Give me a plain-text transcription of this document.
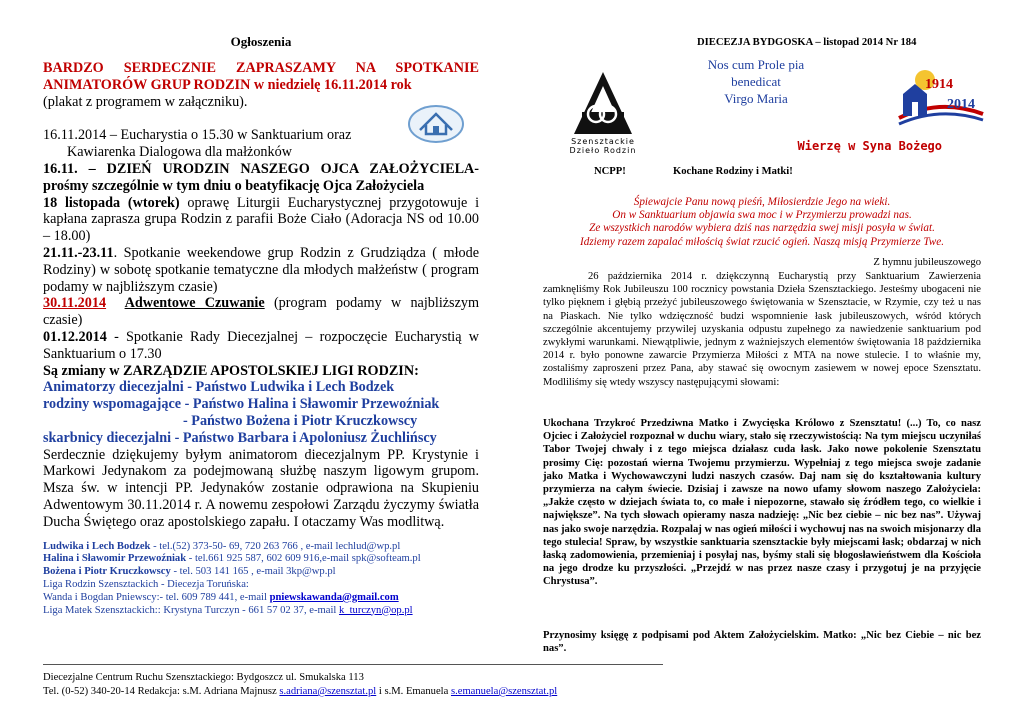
Ogłoszenia

BARDZO SERDECZNIE ZAPRASZAMY NA SPOTKANIE ANIMATORÓW GRUP RODZIN w niedzielę 16.11.2014 rok

(plakat z programem w załączniku).

16.11.2014 – Eucharystia o 15.30 w Sanktuarium oraz

Kawiarenka Dialogowa dla małżonków

16.11. – DZIEŃ URODZIN NASZEGO OJCA ZAŁOŻYCIELA- prośmy szczególnie w tym dniu o beatyfikację Ojca Założyciela

18 listopada (wtorek) oprawę Liturgii Eucharystycznej przygotowuje i kapłana zaprasza grupa Rodzin z parafii Boże Ciało (Adoracja NS od 10.00 – 18.00)

21.11.-23.11. Spotkanie weekendowe grup Rodzin z Grudziądza ( młode Rodziny) w sobotę spotkanie tematyczne dla młodych małżeństw ( program podamy w najbliższym czasie)

30.11.2014 Adwentowe Czuwanie (program podamy w najbliższym czasie)

01.12.2014 - Spotkanie Rady Diecezjalnej – rozpoczęcie Eucharystią w Sanktuarium o 17.30

Są zmiany w ZARZĄDZIE APOSTOLSKIEJ LIGI RODZIN:

Animatorzy diecezjalni - Państwo Ludwika i Lech Bodzek

rodziny wspomagające - Państwo Halina i Sławomir Przewoźniak

- Państwo Bożena i Piotr Kruczkowscy

skarbnicy diecezjalni - Państwo Barbara i Apoloniusz Żuchlińscy

Serdecznie dziękujemy byłym animatorom diecezjalnym PP. Krystynie i Markowi Jedynakom za podejmowaną służbę naszym ligowym grupom. Msza św. w intencji PP. Jedynaków zostanie odprawiona na Skupieniu Adwentowym 30.11.2014 r. A nowemu zespołowi Zarządu życzymy światła Ducha Świętego oraz apostolskiego zapału. I otaczamy Was modlitwą.

Ludwika i Lech Bodzek - tel.(52) 373-50- 69, 720 263 766 , e-mail lechlud@wp.pl
Halina i Sławomir Przewoźniak - tel.661 925 587, 602 609 916,e-mail spk@softeam.pl
Bożena i Piotr Kruczkowscy - tel. 503 141 165 , e-mail 3kp@wp.pl
Liga Rodzin Szensztackich - Diecezja Toruńska:
Wanda i Bogdan Pniewscy:- tel. 609 789 441, e-mail pniewskawanda@gmail.com
Liga Matek Szensztackich:: Krystyna Turczyn - 661 57 02 37, e-mail k_turczyn@op.pl
Diecezjalne Centrum Ruchu Szensztackiego: Bydgoszcz ul. Smukalska 113
Tel. (0-52) 340-20-14 Redakcja: s.M. Adriana Majnusz s.adriana@szensztat.pl i s.M. Emanuela s.emanuela@szensztat.pl
DIECEZJA BYDGOSKA – listopad 2014 Nr 184
Szensztackie
Dzieło Rodzin
Nos cum Prole pia
benedicat
Virgo Maria
1914
2014
Wierzę w Syna Bożego
NCPP!	Kochane Rodziny i Matki!
Śpiewajcie Panu nową pieśń, Miłosierdzie Jego na wieki.
On w Sanktuarium objawia swa moc i w Przymierzu prowadzi nas.
Ze wszystkich narodów wybiera dziś nas narzędzia swej misji posyła w świat.
Idziemy razem zapalać miłością świat rzucić ogień. Naszą misją Przymierze Twe.
Z hymnu jubileuszowego
26 października 2014 r. dziękczynną Eucharystią przy Sanktuarium Zawierzenia zamknęliśmy Rok Jubileuszu 100 rocznicy powstania Dzieła Szensztackiego. Jesteśmy ubogaceni nie tylko pięknem i głębią przeżyć jubileuszowego świętowania w Szensztacie, w Rzymie, czy też u nas na Piaskach. Nie tylko wdzięczność budzi wspomnienie łask jubileuszowych, wśród których szczególnie akcentujemy przywilej uzyskania odpustu zupełnego za nawiedzenie sanktuarium pod zwykłymi warunkami. Niewątpliwie, jednym z ważniejszych elementów świętowania 18 października 2014 r. było ponowne zawarcie Przymierza Miłości z MTA na nowe stulecie. I to właśnie my, zostaliśmy zaproszeni przez Pana, aby stawać się owocnym zasiewem w nowej epoce Szensztatu. Modliliśmy się wtedy wszyscy następującymi słowami:
Ukochana Trzykroć Przedziwna Matko i Zwycięska Królowo z Szensztatu! (...) To, co nasz Ojciec i Założyciel rozpoznał w duchu wiary, stało się rzeczywistością: Na tym miejscu uczyniłaś Tabor Twojej chwały i z tego miejsca działasz cuda łask. Jako nowe pokolenie Szensztatu prosimy Cię: pozostań wierna Twojemu przymierzu. Wypełniaj z tego miejsca swoje zadanie jako Matka i Wychowawczyni ludzi naszych czasów. Daj nam się do kształtowania kultury przymierza na całym świecie. Dzisiaj i zawsze na nowo ufamy słowom naszego Założyciela: „Jakże często w dziejach świata to, co małe i niepozorne, stawało się źródłem tego, co wielkie i największe”. Na tych słowach opieramy nasza nadzieję: „Nic bez ciebie – nic bez nas”. Używaj nas jako swoje narzędzia. Rozpalaj w nas ogień miłości i wychowuj nas na swoich misjonarzy dla tego stulecia! Spraw, by wszystkie sanktuaria szensztackie były miejscami łask; obdarzaj w nich łaską zadomowienia, przemieniaj i posyłaj nas, byśmy stali się błogosławieństwem dla Kościoła na jego drodze ku przyszłości. „Przejdź w nas przez nasze czasy i przygotuj je na przyjęcie Chrystusa”.
Przynosimy księgę z podpisami pod Aktem Założycielskim. Matko: „Nic bez Ciebie – nic bez nas”.
